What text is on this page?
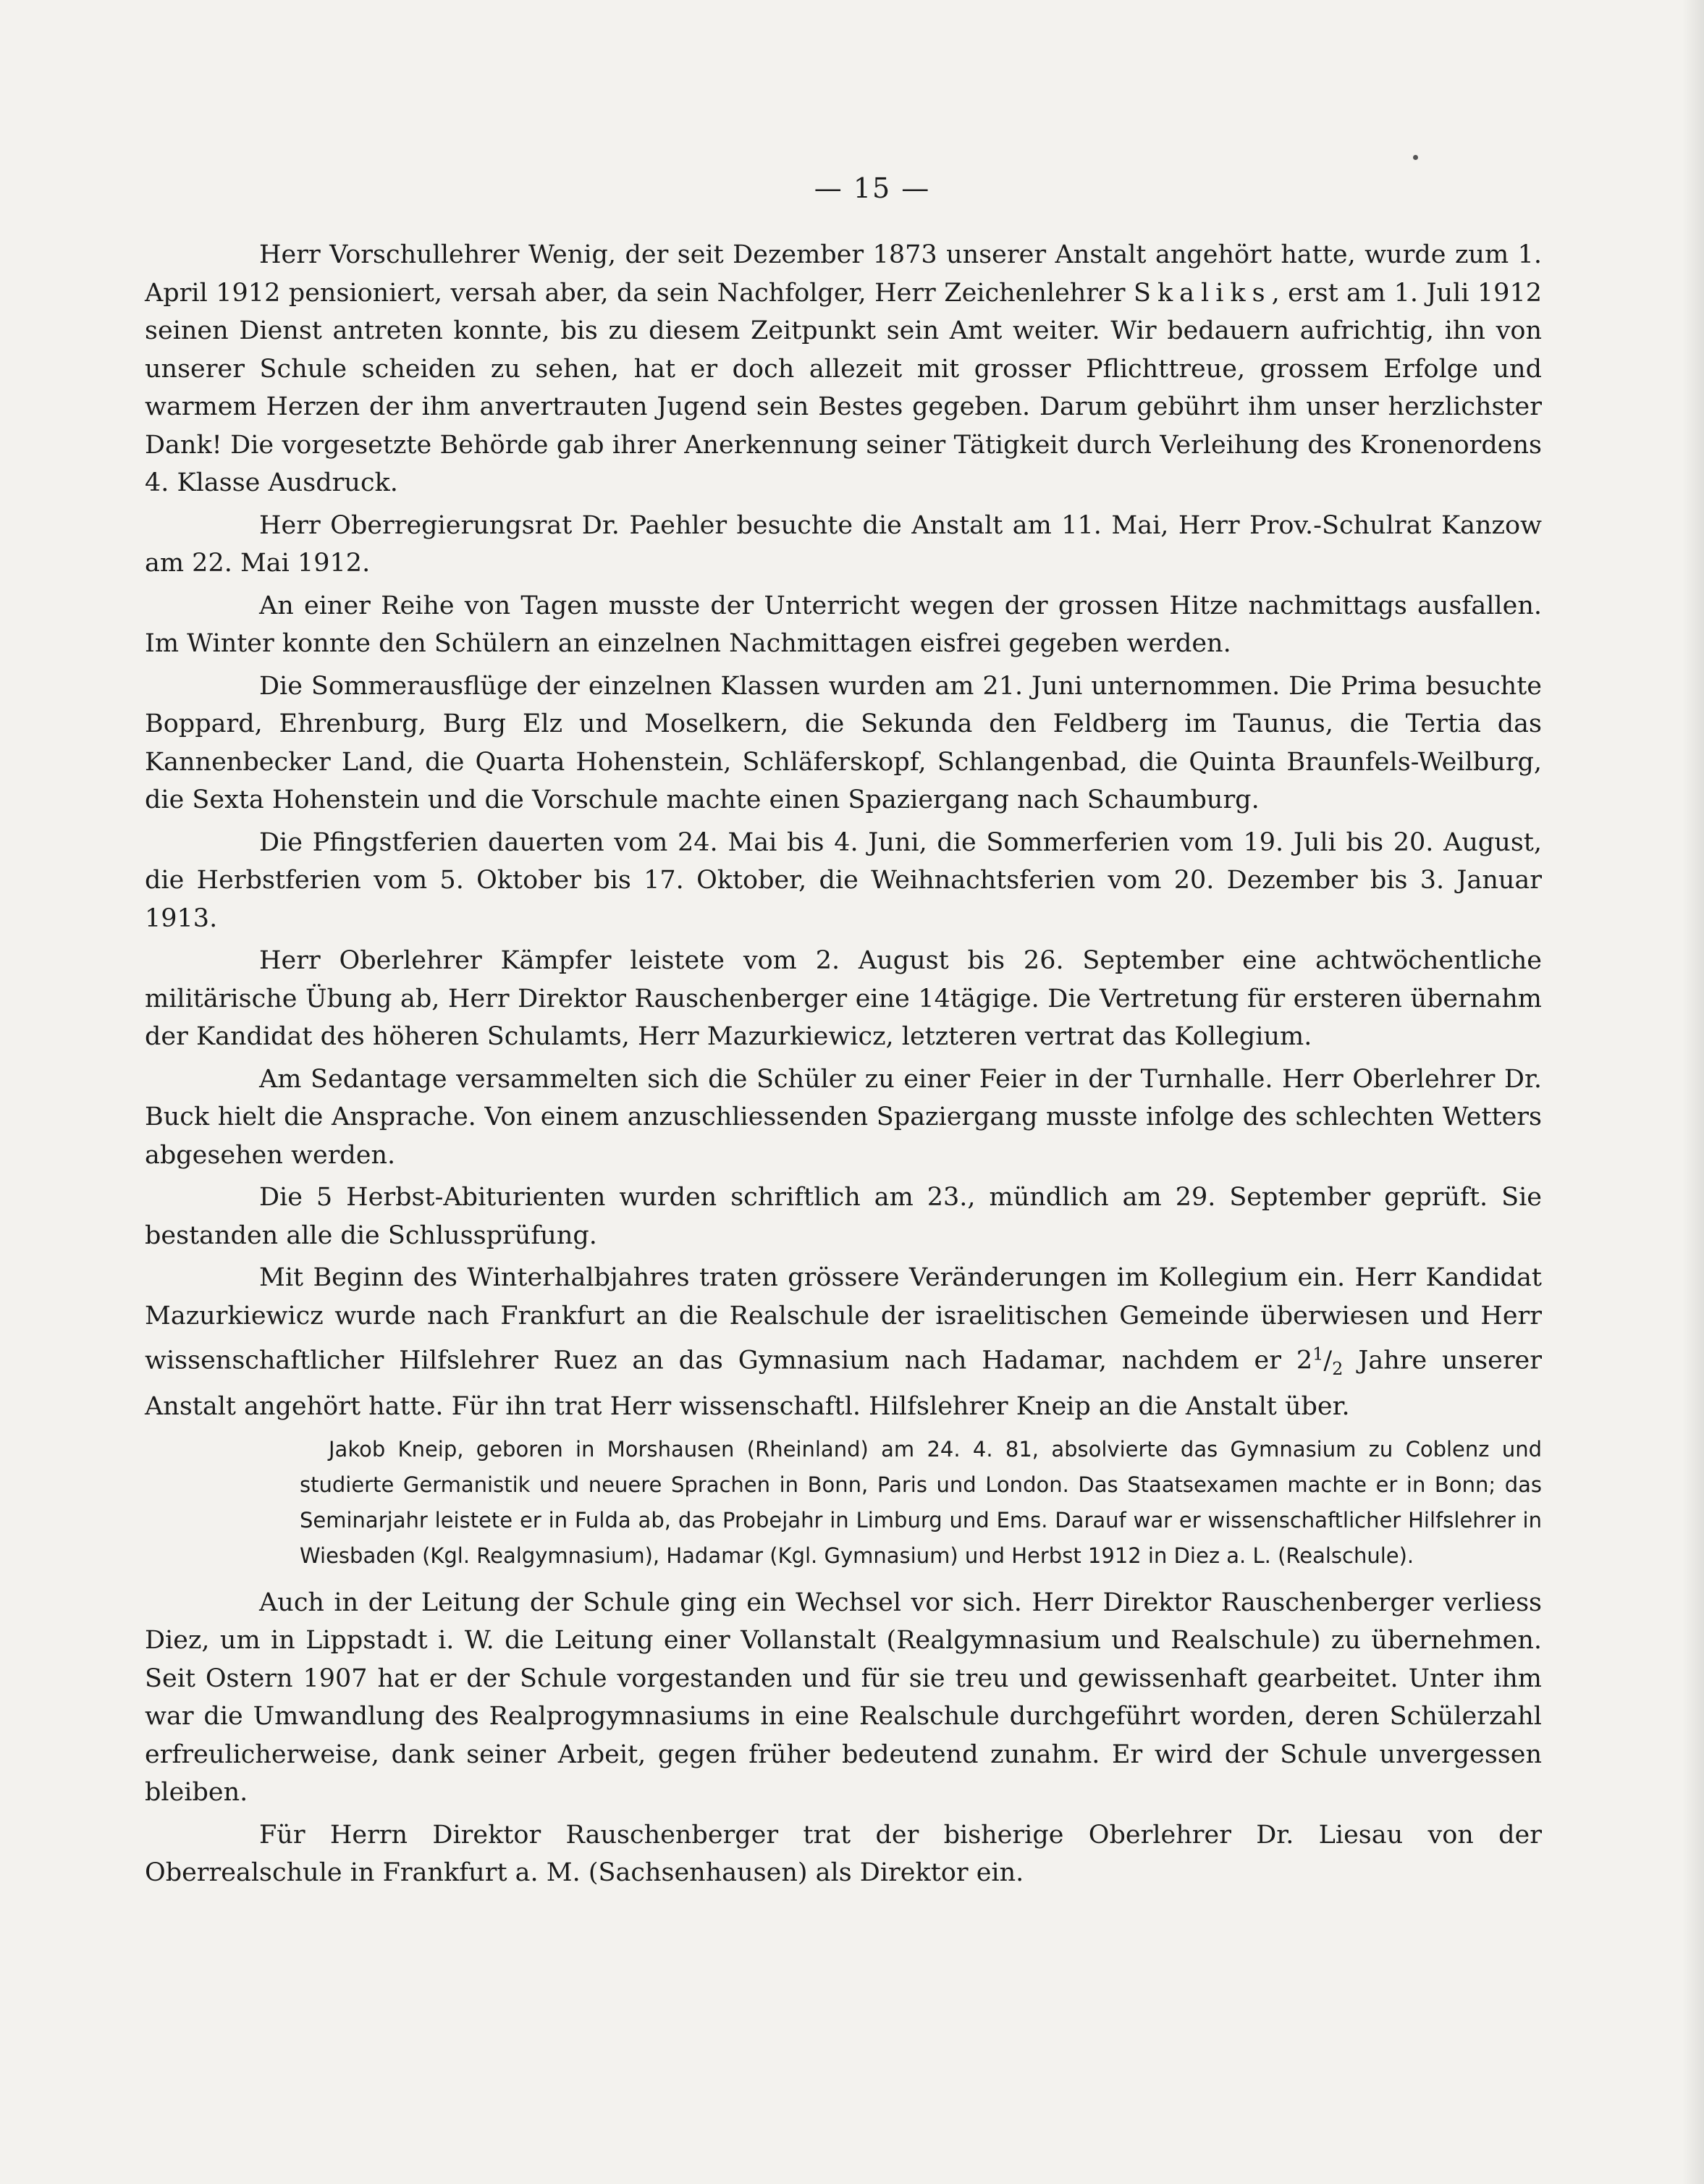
— 15 —

Herr Vorschullehrer Wenig, der seit Dezember 1873 unserer Anstalt angehört hatte, wurde zum 1. April 1912 pensioniert, versah aber, da sein Nachfolger, Herr Zeichenlehrer Skaliks, erst am 1. Juli 1912 seinen Dienst antreten konnte, bis zu diesem Zeitpunkt sein Amt weiter. Wir bedauern aufrichtig, ihn von unserer Schule scheiden zu sehen, hat er doch allezeit mit grosser Pflichttreue, grossem Erfolge und warmem Herzen der ihm anvertrauten Jugend sein Bestes gegeben. Darum gebührt ihm unser herzlichster Dank! Die vorgesetzte Behörde gab ihrer Anerkennung seiner Tätigkeit durch Verleihung des Kronenordens 4. Klasse Ausdruck.

Herr Oberregierungsrat Dr. Paehler besuchte die Anstalt am 11. Mai, Herr Prov.-Schulrat Kanzow am 22. Mai 1912.

An einer Reihe von Tagen musste der Unterricht wegen der grossen Hitze nachmittags ausfallen. Im Winter konnte den Schülern an einzelnen Nachmittagen eisfrei gegeben werden.

Die Sommerausflüge der einzelnen Klassen wurden am 21. Juni unternommen. Die Prima besuchte Boppard, Ehrenburg, Burg Elz und Moselkern, die Sekunda den Feldberg im Taunus, die Tertia das Kannenbecker Land, die Quarta Hohenstein, Schläferskopf, Schlangenbad, die Quinta Braunfels-Weilburg, die Sexta Hohenstein und die Vorschule machte einen Spaziergang nach Schaumburg.

Die Pfingstferien dauerten vom 24. Mai bis 4. Juni, die Sommerferien vom 19. Juli bis 20. August, die Herbstferien vom 5. Oktober bis 17. Oktober, die Weihnachtsferien vom 20. Dezember bis 3. Januar 1913.

Herr Oberlehrer Kämpfer leistete vom 2. August bis 26. September eine achtwöchentliche militärische Übung ab, Herr Direktor Rauschenberger eine 14tägige. Die Vertretung für ersteren übernahm der Kandidat des höheren Schulamts, Herr Mazurkiewicz, letzteren vertrat das Kollegium.

Am Sedantage versammelten sich die Schüler zu einer Feier in der Turnhalle. Herr Oberlehrer Dr. Buck hielt die Ansprache. Von einem anzuschliessenden Spaziergang musste infolge des schlechten Wetters abgesehen werden.

Die 5 Herbst-Abiturienten wurden schriftlich am 23., mündlich am 29. September geprüft. Sie bestanden alle die Schlussprüfung.

Mit Beginn des Winterhalbjahres traten grössere Veränderungen im Kollegium ein. Herr Kandidat Mazurkiewicz wurde nach Frankfurt an die Realschule der israelitischen Gemeinde überwiesen und Herr wissenschaftlicher Hilfslehrer Ruez an das Gymnasium nach Hadamar, nachdem er $2^1/_2$ Jahre unserer Anstalt angehört hatte. Für ihn trat Herr wissenschaftl. Hilfslehrer Kneip an die Anstalt über.

Jakob Kneip, geboren in Morshausen (Rheinland) am 24. 4. 81, absolvierte das Gymnasium zu Coblenz und studierte Germanistik und neuere Sprachen in Bonn, Paris und London. Das Staatsexamen machte er in Bonn; das Seminarjahr leistete er in Fulda ab, das Probejahr in Limburg und Ems. Darauf war er wissenschaftlicher Hilfslehrer in Wiesbaden (Kgl. Realgymnasium), Hadamar (Kgl. Gymnasium) und Herbst 1912 in Diez a. L. (Realschule).

Auch in der Leitung der Schule ging ein Wechsel vor sich. Herr Direktor Rauschenberger verliess Diez, um in Lippstadt i. W. die Leitung einer Vollanstalt (Realgymnasium und Realschule) zu übernehmen. Seit Ostern 1907 hat er der Schule vorgestanden und für sie treu und gewissenhaft gearbeitet. Unter ihm war die Umwandlung des Realprogymnasiums in eine Realschule durchgeführt worden, deren Schülerzahl erfreulicherweise, dank seiner Arbeit, gegen früher bedeutend zunahm. Er wird der Schule unvergessen bleiben.

Für Herrn Direktor Rauschenberger trat der bisherige Oberlehrer Dr. Liesau von der Oberrealschule in Frankfurt a. M. (Sachsenhausen) als Direktor ein.
